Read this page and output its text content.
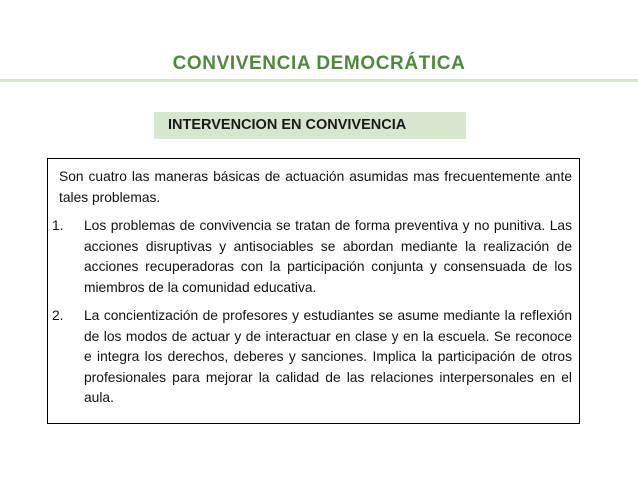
CONVIVENCIA DEMOCRÁTICA
INTERVENCION EN CONVIVENCIA

Son cuatro las maneras básicas de actuación asumidas mas frecuentemente ante tales problemas.

1. Los problemas de convivencia se tratan de forma preventiva y no punitiva. Las acciones disruptivas y antisociables se abordan mediante la realización de acciones recuperadoras con la participación conjunta y consensuada de los miembros de la comunidad educativa.
2. La concientización de profesores y estudiantes se asume mediante la reflexión de los modos de actuar y de interactuar en clase y en la escuela. Se reconoce e integra los derechos, deberes y sanciones. Implica la participación de otros profesionales para mejorar la calidad de las relaciones interpersonales en el aula.
